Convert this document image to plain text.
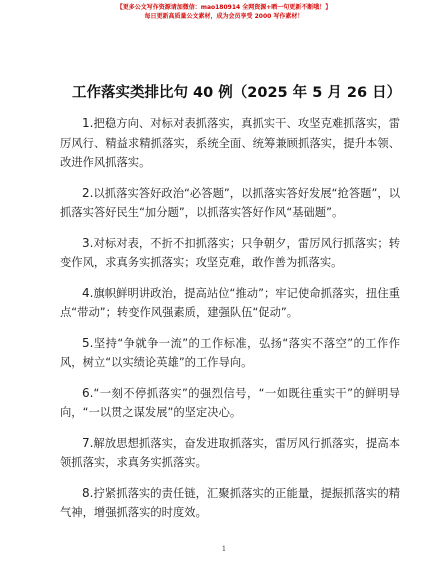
【更多公文写作资源请加微信：mao180914 全网资源+晒一句更新不断哦！】
每日更新高质量公文素材，成为会员享受 2000 写作素材！
工作落实类排比句 40 例（2025 年 5 月 26 日）

1.把稳方向、对标对表抓落实，真抓实干、攻坚克难抓落实，雷厉风行、精益求精抓落实，系统全面、统筹兼顾抓落实，提升本领、改进作风抓落实。

2.以抓落实答好政治“必答题”，以抓落实答好发展“抢答题”，以抓落实答好民生“加分题”，以抓落实答好作风“基础题”。

3.对标对表，不折不扣抓落实；只争朝夕，雷厉风行抓落实；转变作风，求真务实抓落实；攻坚克难，敢作善为抓落实。

4.旗帜鲜明讲政治，提高站位“推动”；牢记使命抓落实，扭住重点“带动”；转变作风强素质，建强队伍“促动”。

5.坚持“争就争一流”的工作标准，弘扬“落实不落空”的工作作风，树立“以实绩论英雄”的工作导向。

6.“一刻不停抓落实”的强烈信号，“一如既往重实干”的鲜明导向，“一以贯之谋发展”的坚定决心。

7.解放思想抓落实，奋发进取抓落实，雷厉风行抓落实，提高本领抓落实，求真务实抓落实。

8.拧紧抓落实的责任链，汇聚抓落实的正能量，提振抓落实的精气神，增强抓落实的时度效。

1
